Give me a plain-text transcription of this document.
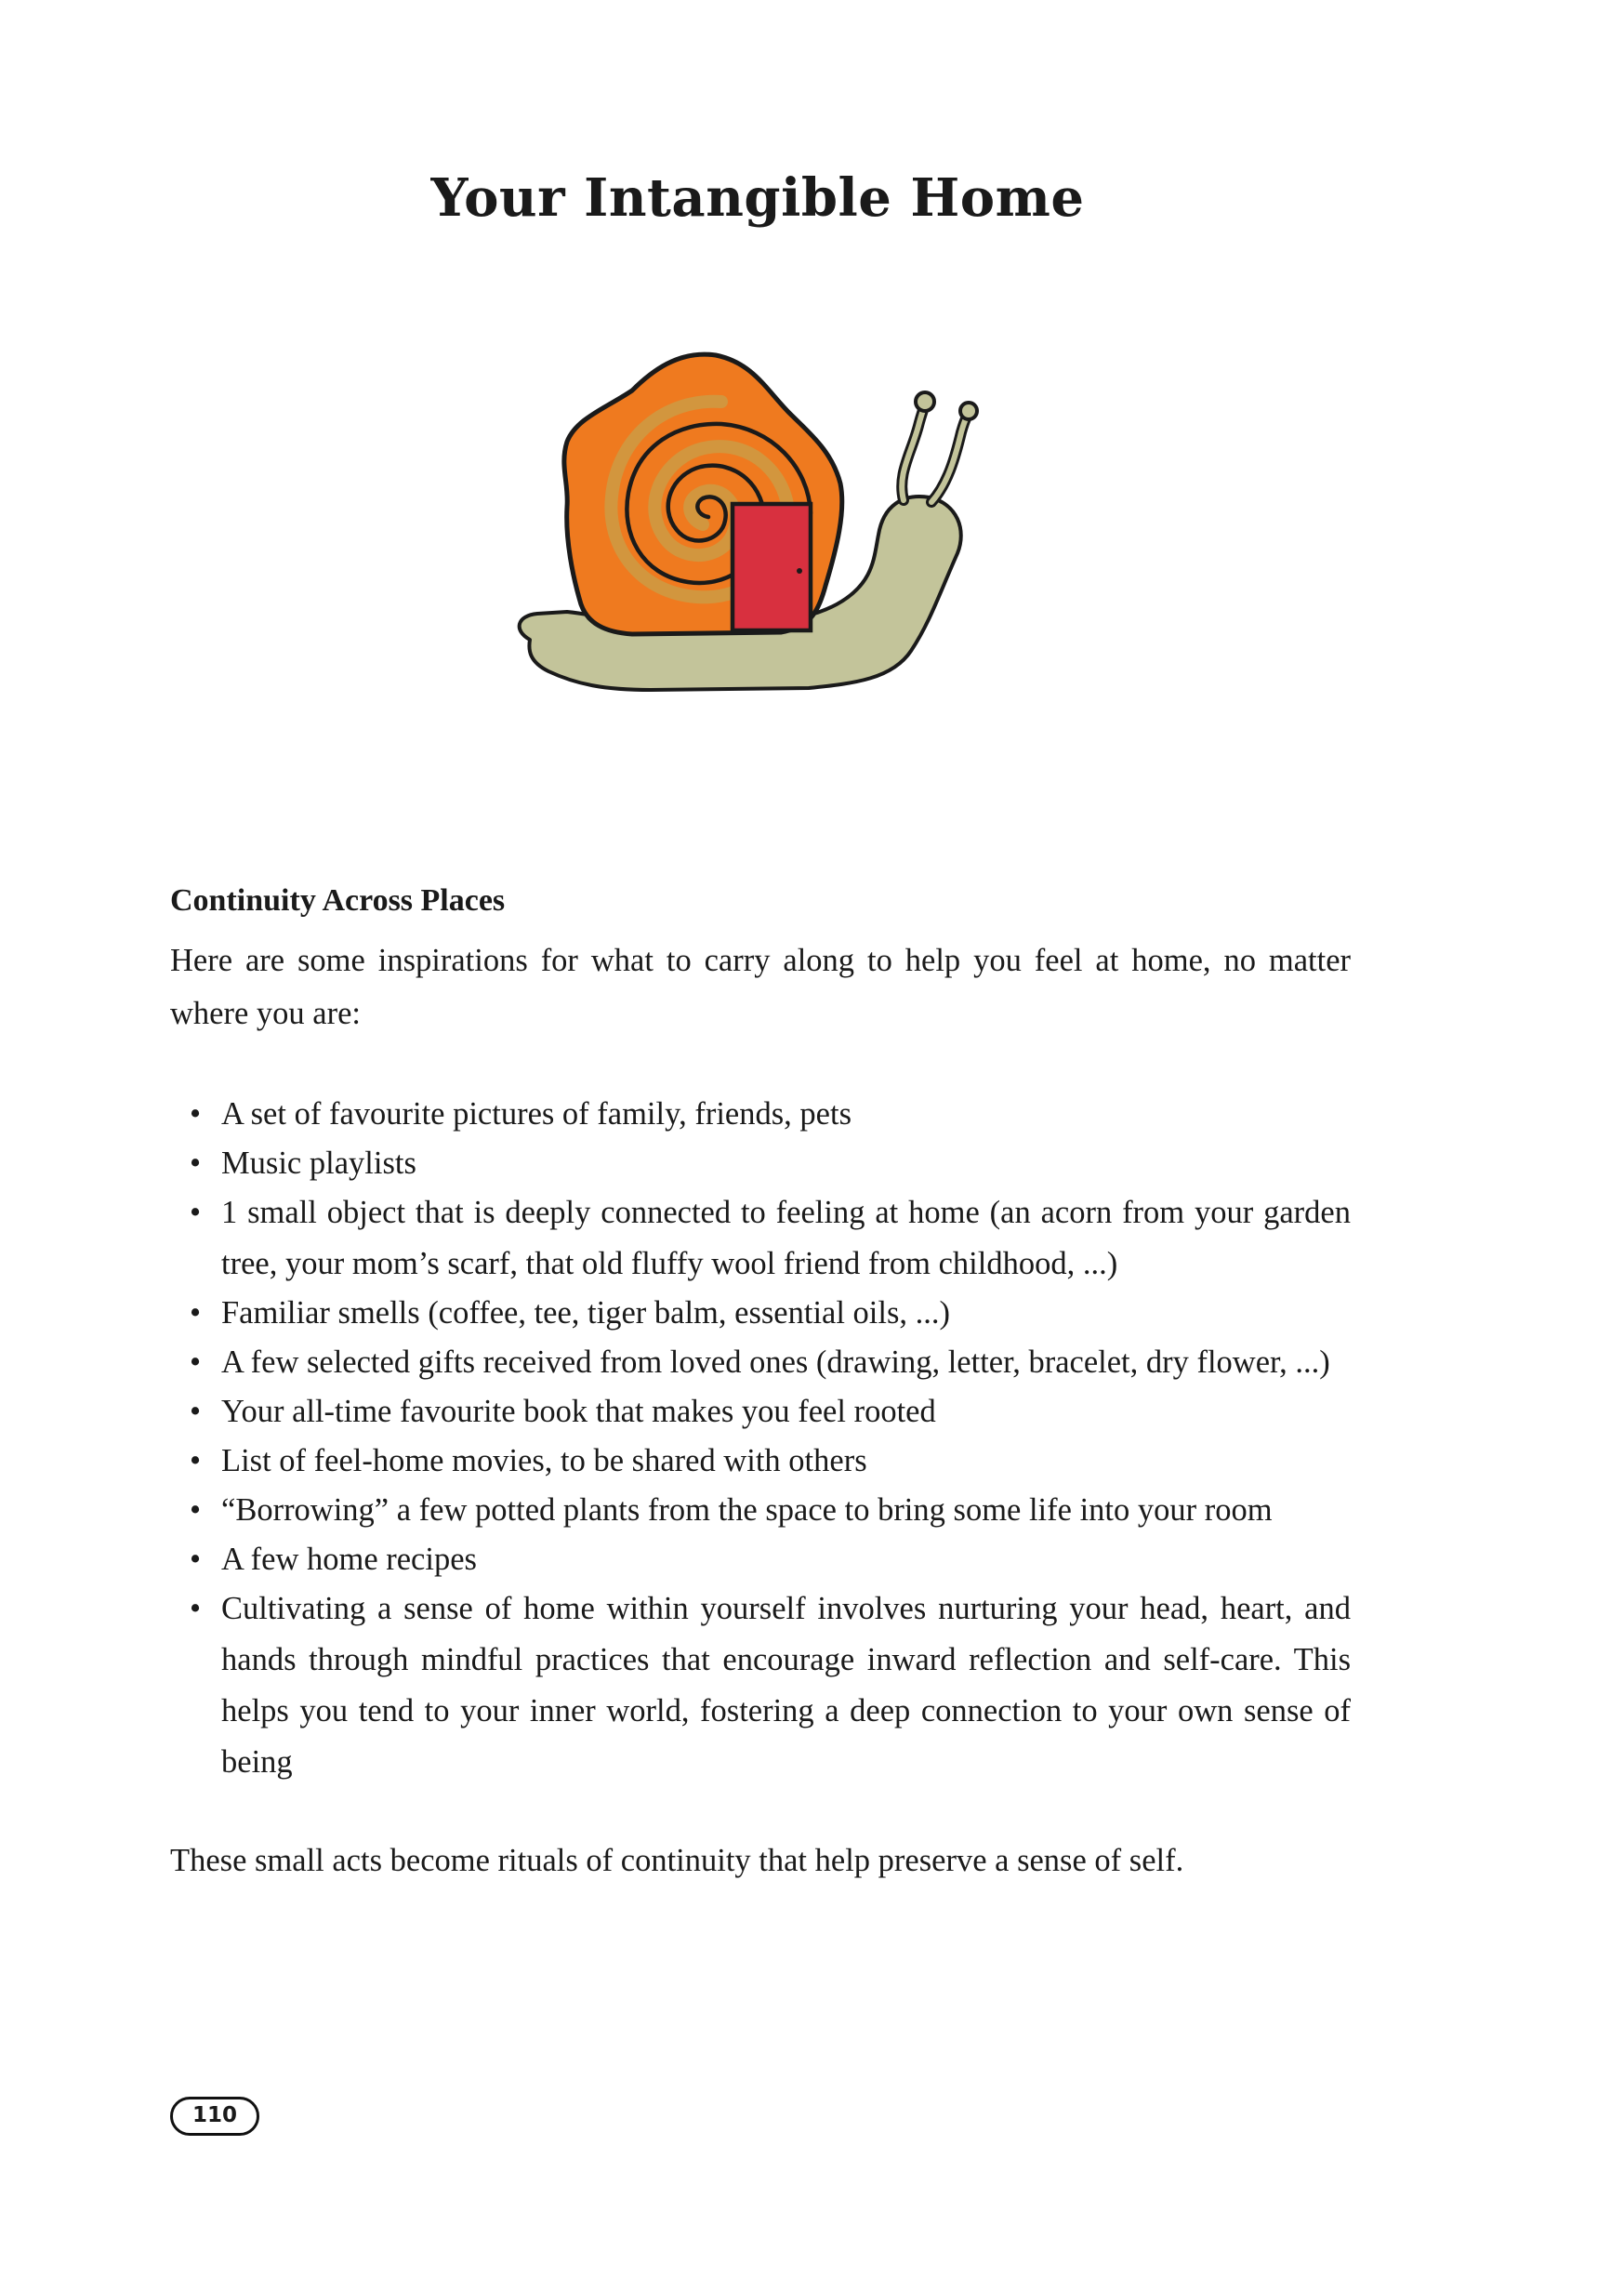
Your Intangible Home
Continuity Across Places

Here are some inspirations for what to carry along to help you feel at home, no matter where you are:

• A set of favourite pictures of family, friends, pets
• Music playlists
• 1 small object that is deeply connected to feeling at home (an acorn from your garden tree, your mom’s scarf, that old fluffy wool friend from childhood, ...)
• Familiar smells (coffee, tee, tiger balm, essential oils, ...)
• A few selected gifts received from loved ones (drawing, letter, bracelet, dry flower, ...)
• Your all-time favourite book that makes you feel rooted
• List of feel-home movies, to be shared with others
• “Borrowing” a few potted plants from the space to bring some life into your room
• A few home recipes
• Cultivating a sense of home within yourself involves nurturing your head, heart, and hands through mindful practices that encourage inward reflection and self-care. This helps you tend to your inner world, fostering a deep connection to your own sense of being

These small acts become rituals of continuity that help preserve a sense of self.

110
